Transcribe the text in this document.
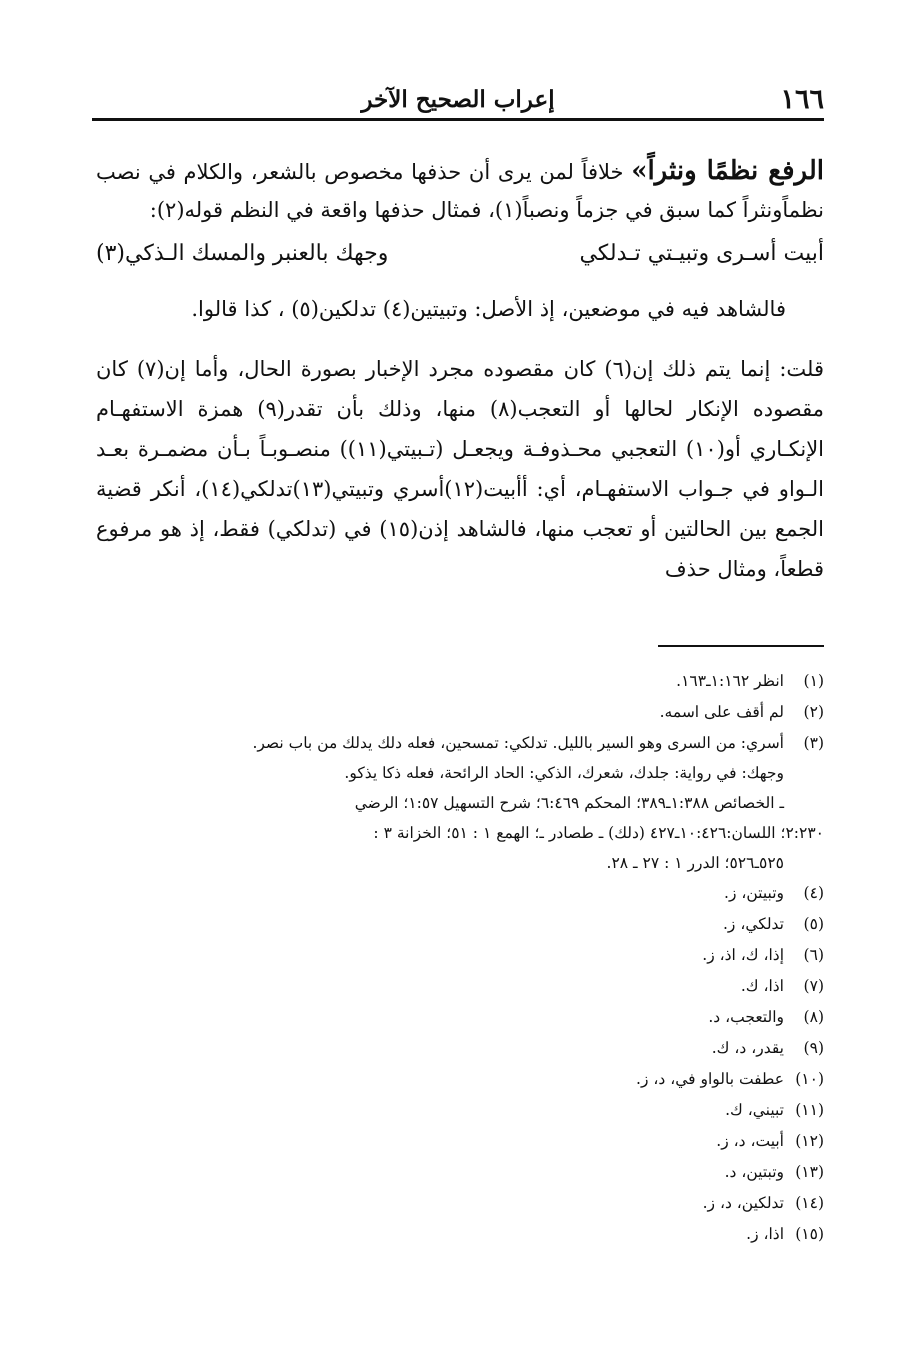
١٦٦
إعراب الصحيح الآخر

الرفع نظمًا ونثراً» خلافاً لمن يرى أن حذفها مخصوص بالشعر، والكلام في نصب نظماًونثراً كما سبق في جزماً ونصباً(١)، فمثال حذفها واقعة في النظم قوله(٢):

أبيت أسـرى وتبيـتي تـدلكي
وجهك بالعنبر والمسك الـذكي(٣)

فالشاهد فيه في موضعين، إذ الأصل: وتبيتين(٤) تدلكين(٥) ، كذا قالوا.

قلت: إنما يتم ذلك إن(٦) كان مقصوده مجرد الإخبار بصورة الحال، وأما إن(٧) كان مقصوده الإنكار لحالها أو التعجب(٨) منها، وذلك بأن تقدر(٩) همزة الاستفهـام الإنكـاري أو(١٠) التعجبي محـذوفـة ويجعـل (تـبيتي(١١)) منصـوبـاً بـأن مضمـرة بعـد الـواو في جـواب الاستفهـام، أي: أأبيت(١٢)أسري وتبيتي(١٣)تدلكي(١٤)، أنكر قضية الجمع بين الحالتين أو تعجب منها، فالشاهد إذن(١٥) في (تدلكي) فقط، إذ هو مرفوع قطعاً، ومثال حذف

(١)
انظر ١:١٦٢ـ١٦٣.
(٢)
لم أقف على اسمه.
(٣)

أسري: من السرى وهو السير بالليل. تدلكي: تمسحين، فعله دلك يدلك من باب نصر.

وجهك: في رواية: جلدك، شعرك، الذكي: الحاد الرائحة، فعله ذكا يذكو.

ـ الخصائص ١:٣٨٨ـ٣٨٩؛ المحكم ٦:٤٦٩؛ شرح التسهيل ١:٥٧؛ الرضي

٢:٢٣٠؛ اللسان:١٠:٤٢٦ـ٤٢٧ (دلك) ـ طصادر ـ؛ الهمع ١ : ٥١؛ الخزانة ٣ :

٥٢٥ـ٥٢٦؛ الدرر ١ : ٢٧ ـ ٢٨.

(٤)
وتبيتن، ز.
(٥)
تدلكي، ز.
(٦)
إذا، ك، اذ، ز.
(٧)
اذا، ك.
(٨)
والتعجب، د.
(٩)
يقدر، د، ك.
(١٠)
عطفت بالواو في، د، ز.
(١١)
تبيني، ك.
(١٢)
أبيت، د، ز.
(١٣)
وتبتين، د.
(١٤)
تدلكين، د، ز.
(١٥)
اذا، ز.
